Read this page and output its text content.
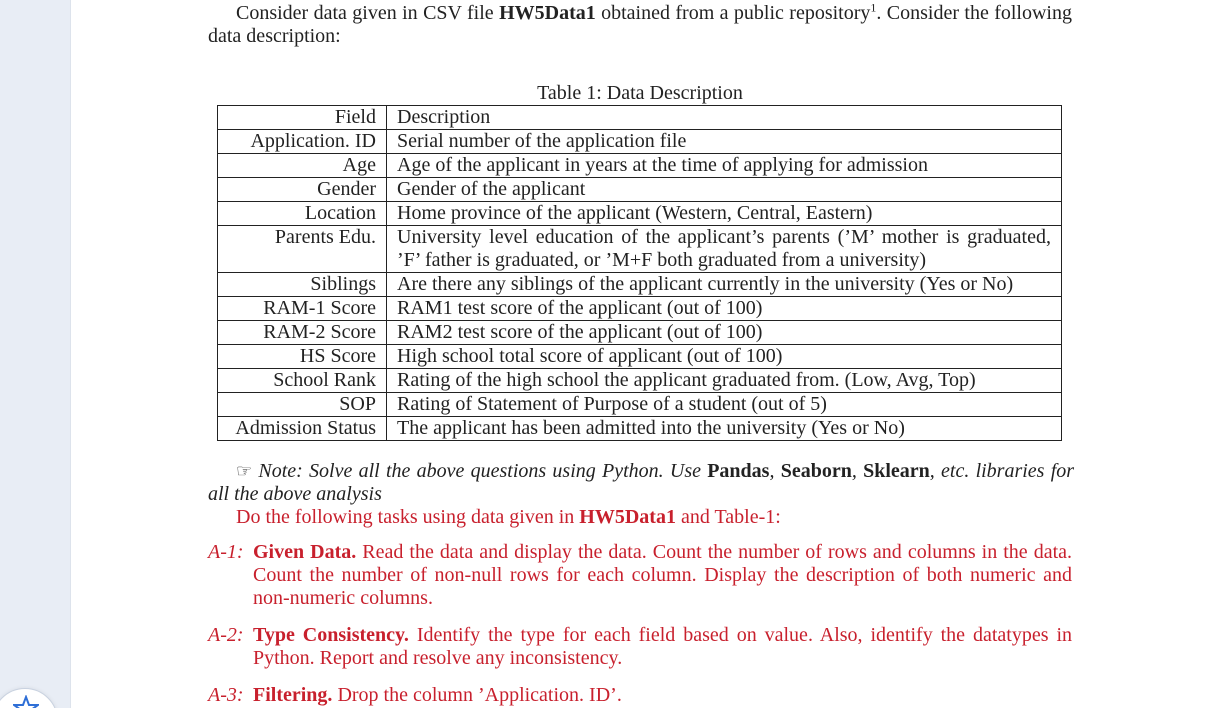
Consider data given in CSV file HW5Data1 obtained from a public repository$^1$. Consider the following data description:

Table 1: Data Description

Field	Description
Application. ID	Serial number of the application file
Age	Age of the applicant in years at the time of applying for admission
Gender	Gender of the applicant
Location	Home province of the applicant (Western, Central, Eastern)
Parents Edu.	University level education of the applicant’s parents (’M’ mother is graduated, ’F’ father is graduated, or ’M+F both graduated from a university)
Siblings	Are there any siblings of the applicant currently in the university (Yes or No)
RAM-1 Score	RAM1 test score of the applicant (out of 100)
RAM-2 Score	RAM2 test score of the applicant (out of 100)
HS Score	High school total score of applicant (out of 100)
School Rank	Rating of the high school the applicant graduated from. (Low, Avg, Top)
SOP	Rating of Statement of Purpose of a student (out of 5)
Admission Status	The applicant has been admitted into the university (Yes or No)

☞ Note: Solve all the above questions using Python. Use Pandas, Seaborn, Sklearn, etc. libraries for all the above analysis

Do the following tasks using data given in HW5Data1 and Table-1:

A-1: Given Data. Read the data and display the data. Count the number of rows and columns in the data. Count the number of non-null rows for each column. Display the description of both numeric and non-numeric columns.
A-2: Type Consistency. Identify the type for each field based on value. Also, identify the datatypes in Python. Report and resolve any inconsistency.
A-3: Filtering. Drop the column ’Application. ID’.
